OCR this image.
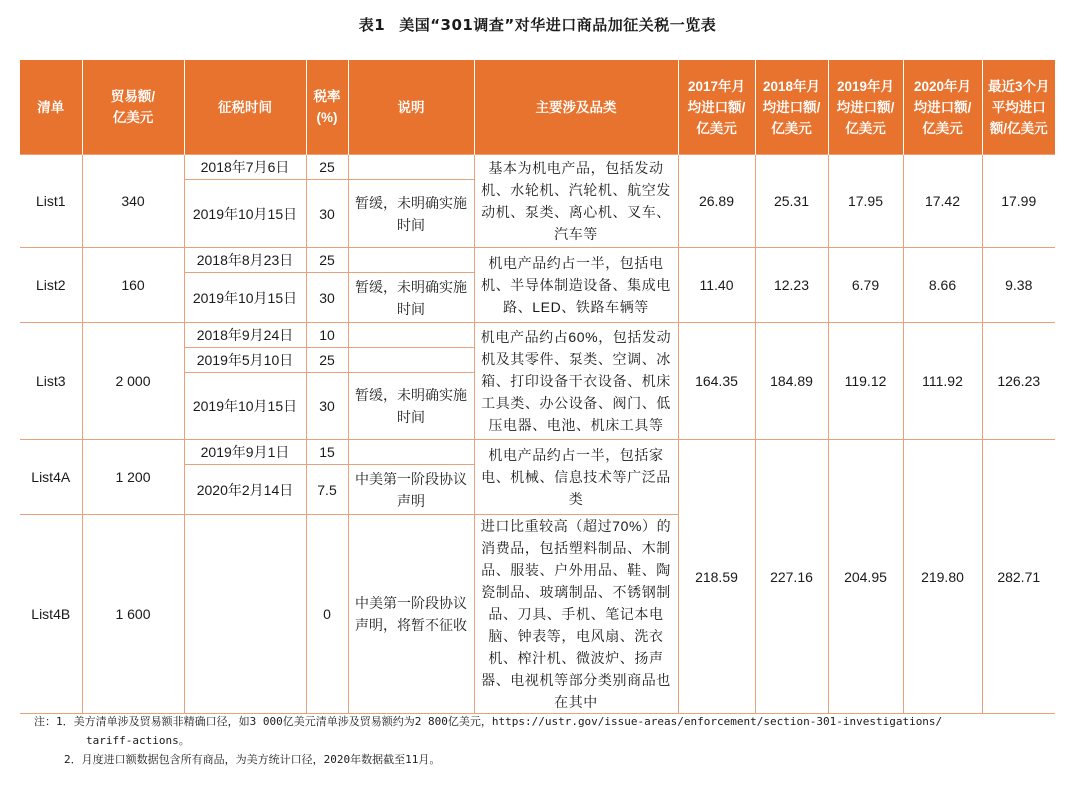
表1 美国“301调查”对华进口商品加征关税一览表
清单	贸易额/亿美元	征税时间	税率(%)	说明	主要涉及品类	2017年月均进口额/亿美元	2018年月均进口额/亿美元	2019年月均进口额/亿美元	2020年月均进口额/亿美元	最近3个月平均进口额/亿美元
List1	340	2018年7月6日	25		基本为机电产品，包括发动机、水轮机、汽轮机、航空发动机、泵类、离心机、叉车、汽车等	26.89	25.31	17.95	17.42	17.99
		2019年10月15日	30	暂缓，未明确实施时间						
List2	160	2018年8月23日	25		机电产品约占一半，包括电机、半导体制造设备、集成电路、LED、铁路车辆等	11.40	12.23	6.79	8.66	9.38
		2019年10月15日	30	暂缓，未明确实施时间						
List3	2 000	2018年9月24日	10		机电产品约占60%，包括发动机及其零件、泵类、空调、冰箱、打印设备干衣设备、机床工具类、办公设备、阀门、低压电器、电池、机床工具等	164.35	184.89	119.12	111.92	126.23
		2019年5月10日	25							
		2019年10月15日	30	暂缓，未明确实施时间						
List4A	1 200	2019年9月1日	15		机电产品约占一半，包括家电、机械、信息技术等广泛品类	218.59	227.16	204.95	219.80	282.71
		2020年2月14日	7.5	中美第一阶段协议声明						
List4B	1 600		0	中美第一阶段协议声明，将暂不征收	进口比重较高（超过70%）的消费品，包括塑料制品、木制品、服装、户外用品、鞋、陶瓷制品、玻璃制品、不锈钢制品、刀具、手机、笔记本电脑、钟表等，电风扇、洗衣机、榨汁机、微波炉、扬声器、电视机等部分类别商品也在其中					
注：1．美方清单涉及贸易额非精确口径，如3 000亿美元清单涉及贸易额约为2 800亿美元，https://ustr.gov/issue-areas/enforcement/section-301-investigations/
tariff-actions。
2．月度进口额数据包含所有商品，为美方统计口径，2020年数据截至11月。
